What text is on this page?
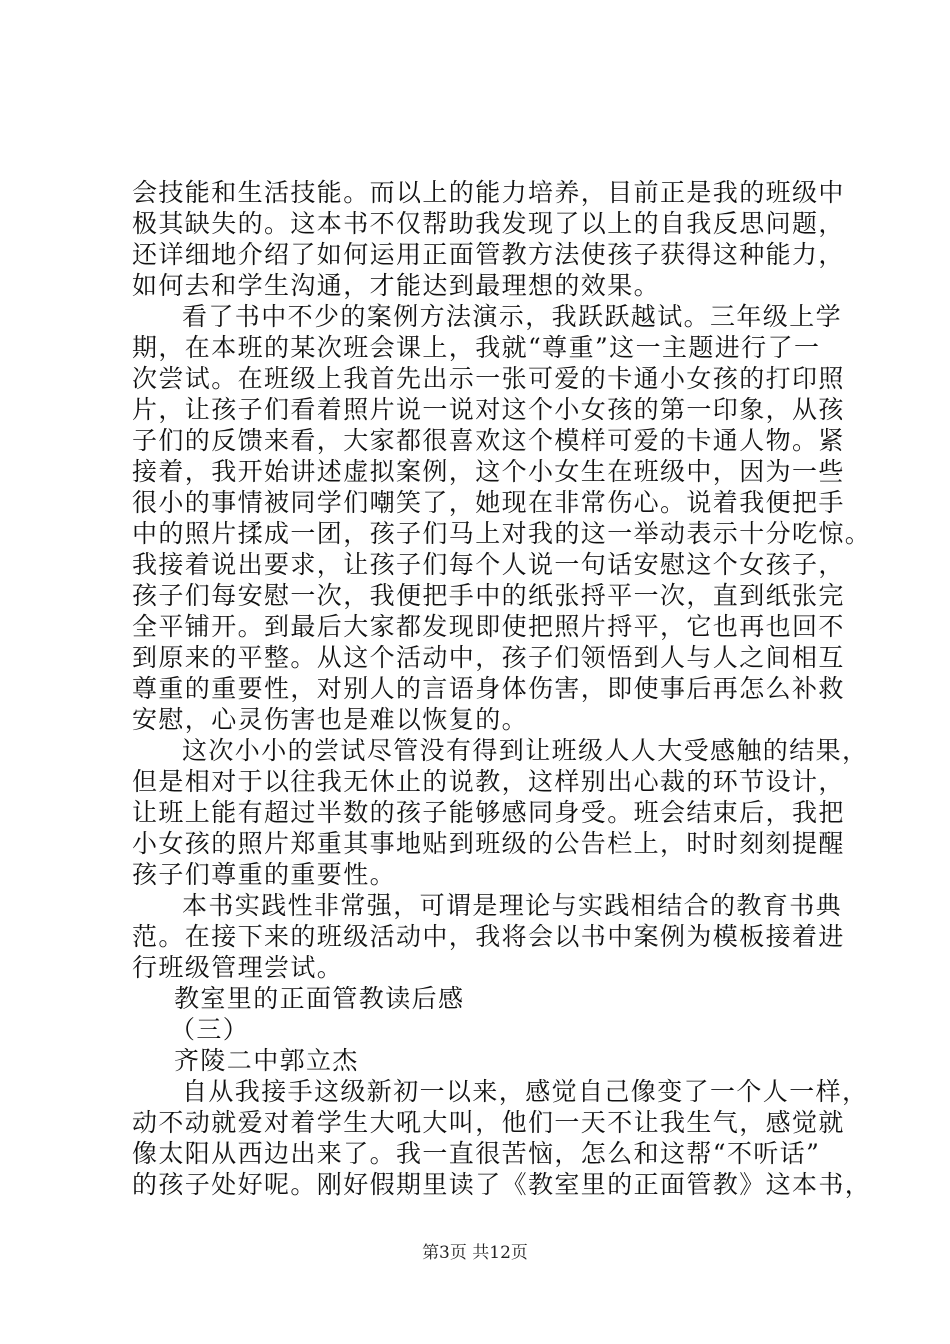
会技能和生活技能。而以上的能力培养，目前正是我的班级中
极其缺失的。这本书不仅帮助我发现了以上的自我反思问题，
还详细地介绍了如何运用正面管教方法使孩子获得这种能力，
如何去和学生沟通，才能达到最理想的效果。
看了书中不少的案例方法演示，我跃跃越试。三年级上学
期，在本班的某次班会课上，我就“尊重”这一主题进行了一
次尝试。在班级上我首先出示一张可爱的卡通小女孩的打印照
片，让孩子们看着照片说一说对这个小女孩的第一印象，从孩
子们的反馈来看，大家都很喜欢这个模样可爱的卡通人物。紧
接着，我开始讲述虚拟案例，这个小女生在班级中，因为一些
很小的事情被同学们嘲笑了，她现在非常伤心。说着我便把手
中的照片揉成一团，孩子们马上对我的这一举动表示十分吃惊。
我接着说出要求，让孩子们每个人说一句话安慰这个女孩子，
孩子们每安慰一次，我便把手中的纸张捋平一次，直到纸张完
全平铺开。到最后大家都发现即使把照片捋平，它也再也回不
到原来的平整。从这个活动中，孩子们领悟到人与人之间相互
尊重的重要性，对别人的言语身体伤害，即使事后再怎么补救
安慰，心灵伤害也是难以恢复的。
这次小小的尝试尽管没有得到让班级人人大受感触的结果，
但是相对于以往我无休止的说教，这样别出心裁的环节设计，
让班上能有超过半数的孩子能够感同身受。班会结束后，我把
小女孩的照片郑重其事地贴到班级的公告栏上，时时刻刻提醒
孩子们尊重的重要性。
本书实践性非常强，可谓是理论与实践相结合的教育书典
范。在接下来的班级活动中，我将会以书中案例为模板接着进
行班级管理尝试。
教室里的正面管教读后感
（三）
齐陵二中郭立杰
自从我接手这级新初一以来，感觉自己像变了一个人一样，
动不动就爱对着学生大吼大叫，他们一天不让我生气，感觉就
像太阳从西边出来了。我一直很苦恼，怎么和这帮“不听话”
的孩子处好呢。刚好假期里读了《教室里的正面管教》这本书，
第3页 共12页
